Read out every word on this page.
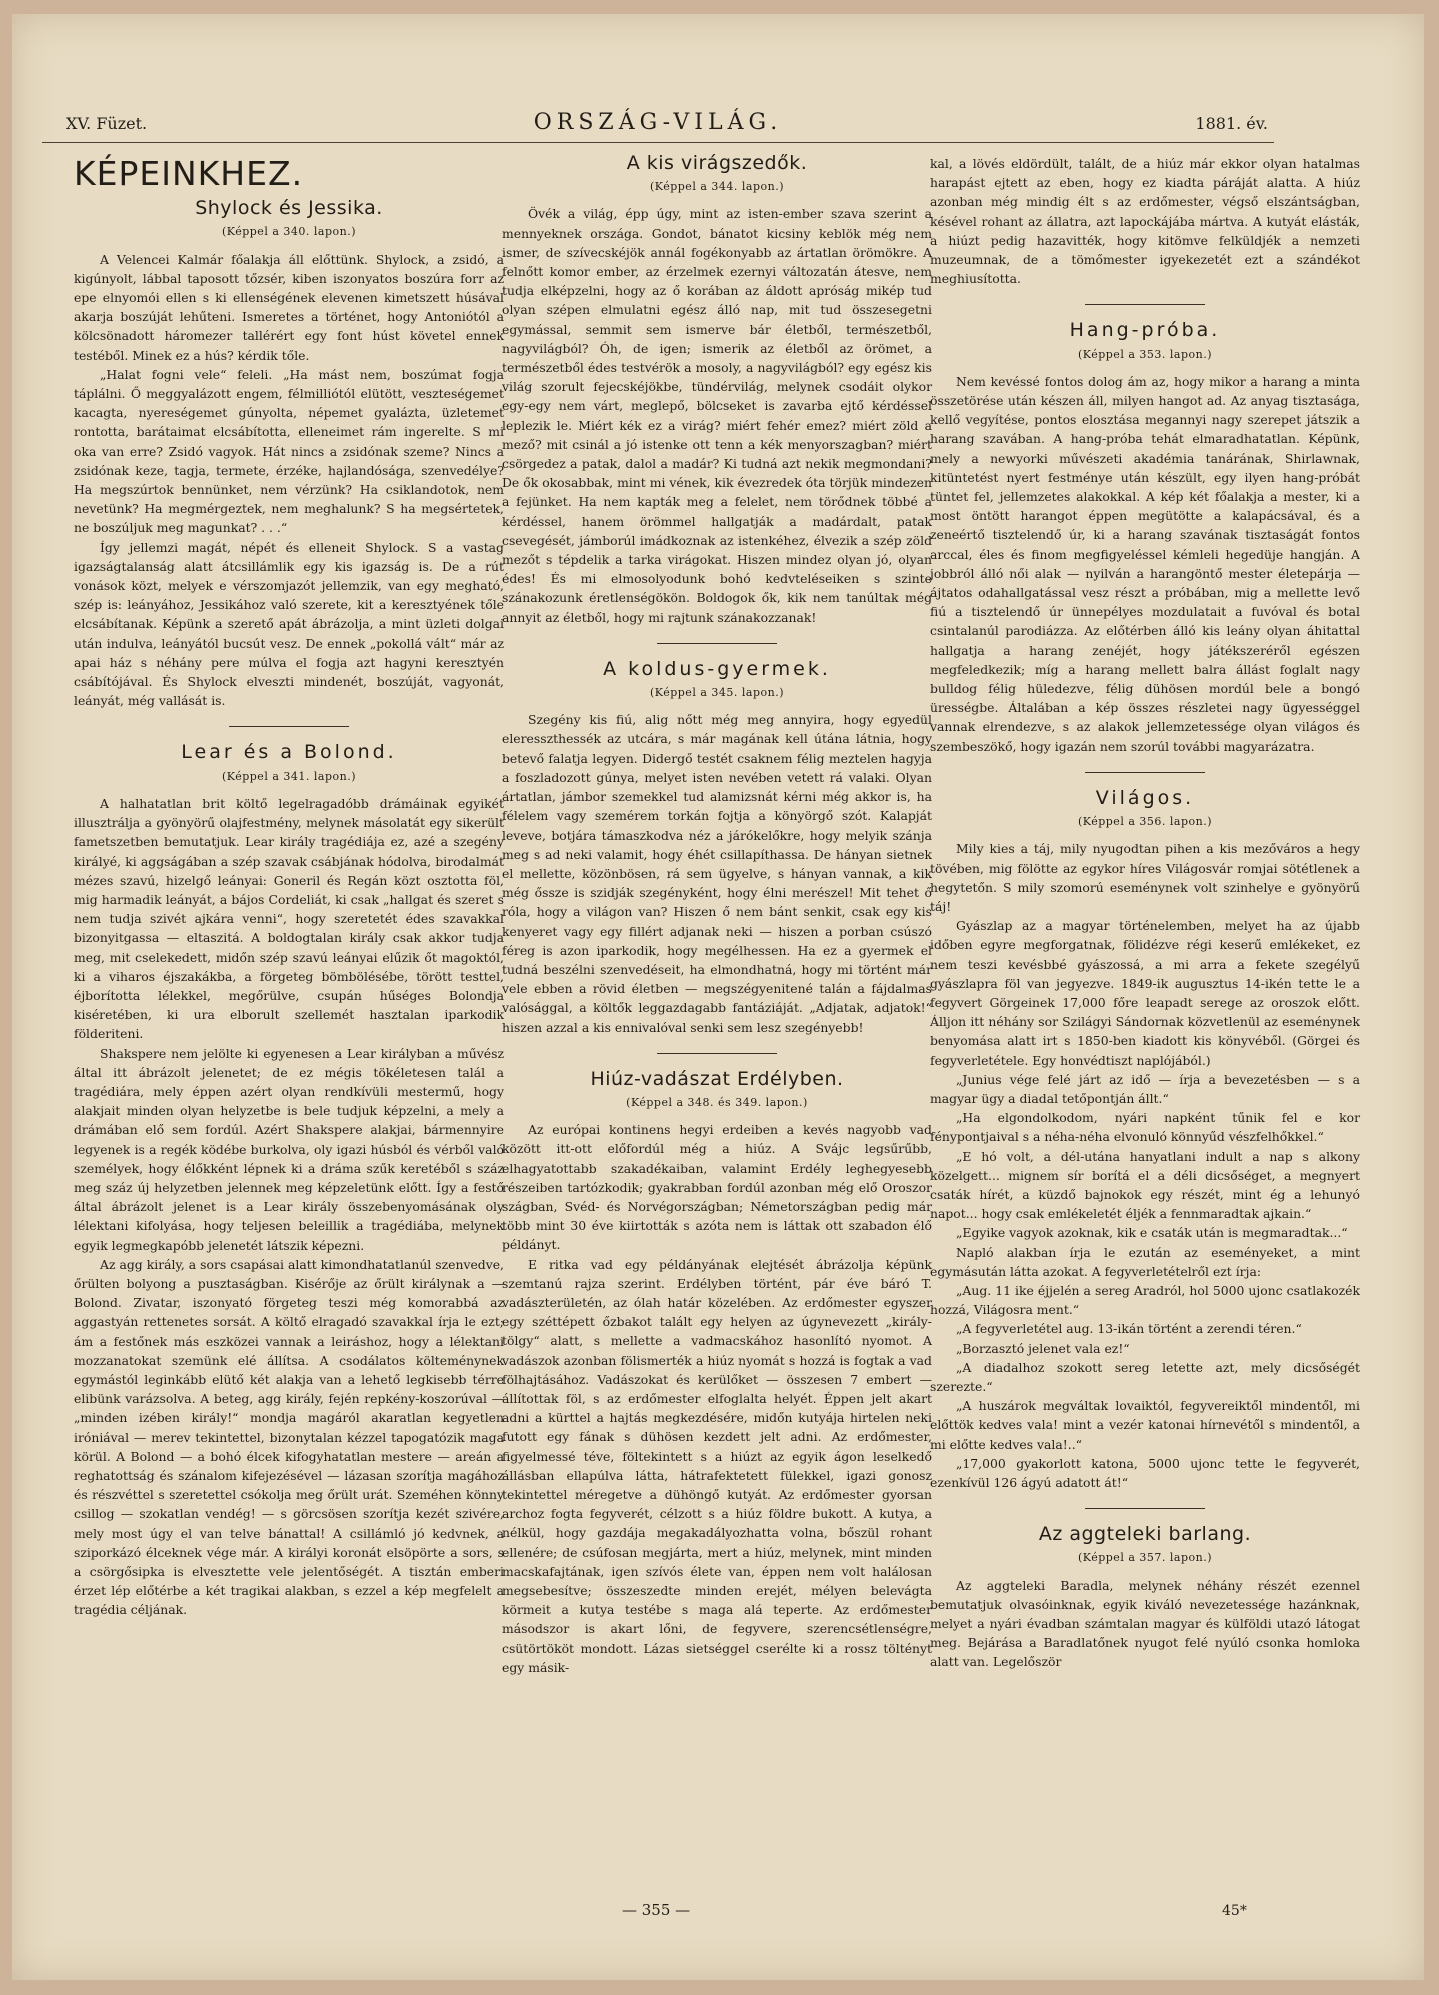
XV. Füzet.	ORSZÁG-VILÁG.	1881. év.
KÉPEINKHEZ.
Shylock és Jessika.
(Képpel a 340. lapon.)

A Velencei Kalmár főalakja áll előttünk. Shylock, a zsidó, a kigúnyolt, lábbal taposott tőzsér, kiben iszonyatos boszúra forr az epe elnyomói ellen s ki ellenségének elevenen kimetszett húsával akarja boszúját lehűteni. Ismeretes a történet, hogy Antoniótól a kölcsönadott háromezer tallérért egy font húst követel ennek testéből. Minek ez a hús? kérdik tőle.

„Halat fogni vele“ feleli. „Ha mást nem, boszúmat fogja táplálni. Ő meggyalázott engem, félmilliótól elütött, veszteségemet kacagta, nyereségemet gúnyolta, népemet gyalázta, üzletemet rontotta, barátaimat elcsábította, elleneimet rám ingerelte. S mi oka van erre? Zsidó vagyok. Hát nincs a zsidónak szeme? Nincs a zsidónak keze, tagja, termete, érzéke, hajlandósága, szenvedélye? Ha megszúrtok bennünket, nem vérzünk? Ha csiklandotok, nem nevetünk? Ha megmérgeztek, nem meghalunk? S ha megsértetek, ne boszúljuk meg magunkat? . . .“

Így jellemzi magát, népét és elleneit Shylock. S a vastag igazságtalanság alatt átcsillámlik egy kis igazság is. De a rút vonások közt, melyek e vérszomjazót jellemzik, van egy megható, szép is: leányához, Jessikához való szerete, kit a keresztyének tőle elcsábítanak. Képünk a szerető apát ábrázolja, a mint üzleti dolgai után indulva, leányától bucsút vesz. De ennek „pokollá vált“ már az apai ház s néhány pere múlva el fogja azt hagyni keresztyén csábítójával. És Shylock elveszti mindenét, boszúját, vagyonát, leányát, még vallását is.

Lear és a Bolond.
(Képpel a 341. lapon.)

A halhatatlan brit költő legelragadóbb drámáinak egyikét illusztrálja a gyönyörű olajfestmény, melynek másolatát egy sikerült fametszetben bemutatjuk. Lear király tragédiája ez, azé a szegény királyé, ki aggságában a szép szavak csábjának hódolva, birodalmát mézes szavú, hizelgő leányai: Goneril és Regán közt osztotta föl, mig harmadik leányát, a bájos Cordeliát, ki csak „hallgat és szeret s nem tudja szivét ajkára venni“, hogy szeretetét édes szavakkal bizonyitgassa — eltaszitá. A boldogtalan király csak akkor tudja meg, mit cselekedett, midőn szép szavú leányai elűzik őt magoktól, ki a viharos éjszakákba, a förgeteg bömbölésébe, törött testtel, éjborította lélekkel, megőrülve, csupán hűséges Bolondja kiséretében, ki ura elborult szellemét hasztalan iparkodik földeriteni.

Shakspere nem jelölte ki egyenesen a Lear királyban a művész által itt ábrázolt jelenetet; de ez mégis tökéletesen talál a tragédiára, mely éppen azért olyan rendkívüli mestermű, hogy alakjait minden olyan helyzetbe is bele tudjuk képzelni, a mely a drámában elő sem fordúl. Azért Shakspere alakjai, bármennyire legyenek is a regék ködébe burkolva, oly igazi húsból és vérből való személyek, hogy élőkként lépnek ki a dráma szűk keretéből s száz meg száz új helyzetben jelennek meg képzeletünk előtt. Így a festő által ábrázolt jelenet is a Lear király összebenyomásának oly lélektani kifolyása, hogy teljesen beleillik a tragédiába, melynek egyik legmegkapóbb jelenetét látszik képezni.

Az agg király, a sors csapásai alatt kimondhatatlanúl szenvedve, őrülten bolyong a pusztaságban. Kisérője az őrült királynak a — Bolond. Zivatar, iszonyató förgeteg teszi még komorabbá az aggastyán rettenetes sorsát. A költő elragadó szavakkal írja le ezt; ám a festőnek más eszközei vannak a leiráshoz, hogy a lélektani mozzanatokat szemünk elé állítsa. A csodálatos költeménynek egymástól leginkább elütő két alakja van a lehető legkisebb térre elibünk varázsolva. A beteg, agg király, fején repkény-koszorúval — „minden izében király!“ mondja magáról akaratlan kegyetlen iróniával — merev tekintettel, bizonytalan kézzel tapogatózik maga körül. A Bolond — a bohó élcek kifogyhatatlan mestere — areán a reghatottság és szánalom kifejezésével — lázasan szorítja magához és részvéttel s szeretettel csókolja meg őrült urát. Szeméhen könny csillog — szokatlan vendég! — s görcsösen szorítja kezét szivére, mely most úgy el van telve bánattal! A csillámló jó kedvnek, a sziporkázó élceknek vége már. A királyi koronát elsöpörte a sors, s a csörgősipka is elvesztette vele jelentőségét. A tisztán emberi érzet lép előtérbe a két tragikai alakban, s ezzel a kép megfelelt a tragédia céljának.

A kis virágszedők.
(Képpel a 344. lapon.)

Övék a világ, épp úgy, mint az isten-ember szava szerint a mennyeknek országa. Gondot, bánatot kicsiny keblök még nem ismer, de szívecskéjök annál fogékonyabb az ártatlan örömökre. A felnőtt komor ember, az érzelmek ezernyi változatán átesve, nem tudja elképzelni, hogy az ő korában az áldott apróság mikép tud olyan szépen elmulatni egész álló nap, mit tud összesegetni egymással, semmit sem ismerve bár életből, természetből, nagyvilágból? Óh, de igen; ismerik az életből az örömet, a természetből édes testvérök a mosoly, a nagyvilágból? egy egész kis világ szorult fejecskéjökbe, tündérvilág, melynek csodáit olykor egy-egy nem várt, meglepő, bölcseket is zavarba ejtő kérdéssel leplezik le. Miért kék ez a virág? miért fehér emez? miért zöld a mező? mit csinál a jó istenke ott tenn a kék menyorszagban? miért csörgedez a patak, dalol a madár? Ki tudná azt nekik megmondani? De ők okosabbak, mint mi vének, kik évezredek óta törjük mindezen a fejünket. Ha nem kapták meg a felelet, nem törődnek többé a kérdéssel, hanem örömmel hallgatják a madárdalt, patak csevegését, jámborúl imádkoznak az istenkéhez, élvezik a szép zöld mezőt s tépdelik a tarka virágokat. Hiszen mindez olyan jó, olyan édes! És mi elmosolyodunk bohó kedvteléseiken s szinte szánakozunk éretlenségökön. Boldogok ők, kik nem tanúltak még annyit az életből, hogy mi rajtunk szánakozzanak!

A koldus-gyermek.
(Képpel a 345. lapon.)

Szegény kis fiú, alig nőtt még meg annyira, hogy egyedül eleresszthessék az utcára, s már magának kell útána látnia, hogy betevő falatja legyen. Didergő testét csaknem félig meztelen hagyja a foszladozott gúnya, melyet isten nevében vetett rá valaki. Olyan ártatlan, jámbor szemekkel tud alamizsnát kérni még akkor is, ha félelem vagy szemérem torkán fojtja a könyörgő szót. Kalapját leveve, botjára támaszkodva néz a járókelőkre, hogy melyik szánja meg s ad neki valamit, hogy éhét csillapíthassa. De hányan sietnek el mellette, közönbösen, rá sem ügyelve, s hányan vannak, a kik még őssze is szidják szegényként, hogy élni merészel! Mit tehet ő róla, hogy a világon van? Hiszen ő nem bánt senkit, csak egy kis kenyeret vagy egy fillért adjanak neki — hiszen a porban csúszó féreg is azon iparkodik, hogy megélhessen. Ha ez a gyermek el tudná beszélni szenvedéseit, ha elmondhatná, hogy mi történt már vele ebben a rövid életben — megszégyenitené talán a fájdalmas valósággal, a költők leggazdagabb fantáziáját. „Adjatak, adjatok!“ hiszen azzal a kis ennivalóval senki sem lesz szegényebb!

Hiúz-vadászat Erdélyben.
(Képpel a 348. és 349. lapon.)

Az európai kontinens hegyi erdeiben a kevés nagyobb vad között itt-ott előfordúl még a hiúz. A Svájc legsűrűbb, elhagyatottabb szakadékaiban, valamint Erdély leghegyesebb részeiben tartózkodik; gyakrabban fordúl azonban még elő Oroszor szágban, Svéd- és Norvégországban; Németországban pedig már több mint 30 éve kiirtották s azóta nem is láttak ott szabadon élő példányt.

E ritka vad egy példányának elejtését ábrázolja képünk szemtanú rajza szerint. Erdélyben történt, pár éve báró T. vadászterületén, az ólah határ közelében. Az erdőmester egyszer egy széttépett őzbakot talált egy helyen az úgynevezett „király-tölgy“ alatt, s mellette a vadmacskához hasonlító nyomot. A vadászok azonban fölismerték a hiúz nyomát s hozzá is fogtak a vad fölhajtásához. Vadászokat és kerülőket — összesen 7 embert — állítottak föl, s az erdőmester elfoglalta helyét. Éppen jelt akart adni a kürttel a hajtás megkezdésére, midőn kutyája hirtelen neki futott egy fának s dühösen kezdett jelt adni. Az erdőmester, figyelmessé téve, föltekintett s a hiúzt az egyik ágon leselkedő állásban ellapúlva látta, hátrafektetett fülekkel, igazi gonosz tekintettel méregetve a dühöngő kutyát. Az erdőmester gyorsan archoz fogta fegyverét, célzott s a hiúz földre bukott. A kutya, a nélkül, hogy gazdája megakadályozhatta volna, bőszül rohant ellenére; de csúfosan megjárta, mert a hiúz, melynek, mint minden macskafajtának, igen szívós élete van, éppen nem volt halálosan megsebesítve; összeszedte minden erejét, mélyen belevágta körmeit a kutya testébe s maga alá teperte. Az erdőmester másodszor is akart lőni, de fegyvere, szerencsétlenségre, csütörtököt mondott. Lázas sietséggel cserélte ki a rossz töltényt egy másik-

kal, a lövés eldördült, talált, de a hiúz már ekkor olyan hatalmas harapást ejtett az eben, hogy ez kiadta páráját alatta. A hiúz azonban még mindig élt s az erdőmester, végső elszántságban, késével rohant az állatra, azt lapockájába mártva. A kutyát elásták, a hiúzt pedig hazavitték, hogy kitömve felküldjék a nemzeti muzeumnak, de a tömőmester igyekezetét ezt a szándékot meghiusította.

Hang-próba.
(Képpel a 353. lapon.)

Nem kevéssé fontos dolog ám az, hogy mikor a harang a minta összetörése után készen áll, milyen hangot ad. Az anyag tisztasága, kellő vegyítése, pontos elosztása megannyi nagy szerepet játszik a harang szavában. A hang-próba tehát elmaradhatatlan. Képünk, mely a newyorki művészeti akadémia tanárának, Shirlawnak, kitüntetést nyert festménye után készült, egy ilyen hang-próbát tüntet fel, jellemzetes alakokkal. A kép két főalakja a mester, ki a most öntött harangot éppen megütötte a kalapácsával, és a zeneértő tisztelendő úr, ki a harang szavának tisztaságát fontos arccal, éles és finom megfigyeléssel kémleli hegedüje hangján. A jobbról álló női alak — nyilván a harangöntő mester életepárja — ájtatos odahallgatással vesz részt a próbában, mig a mellette levő fiú a tisztelendő úr ünnepélyes mozdulatait a fuvóval és botal csintalanúl parodiázza. Az előtérben álló kis leány olyan áhitattal hallgatja a harang zenéjét, hogy játékszeréről egészen megfeledkezik; míg a harang mellett balra állást foglalt nagy bulldog félig hüledezve, félig dühösen mordúl bele a bongó ürességbe. Általában a kép összes részletei nagy ügyességgel vannak elrendezve, s az alakok jellemzetessége olyan világos és szembeszökő, hogy igazán nem szorúl további magyarázatra.

Világos.
(Képpel a 356. lapon.)

Mily kies a táj, mily nyugodtan pihen a kis mezőváros a hegy tövében, mig fölötte az egykor híres Világosvár romjai sötétlenek a hegytetőn. S mily szomorú eseménynek volt szinhelye e gyönyörű táj!

Gyászlap az a magyar történelemben, melyet ha az újabb időben egyre megforgatnak, fölidézve régi keserű emlékeket, ez nem teszi kevésbbé gyászossá, a mi arra a fekete szegélyű gyászlapra föl van jegyezve. 1849-ik augusztus 14-ikén tette le a fegyvert Görgeinek 17,000 főre leapadt serege az oroszok előtt. Álljon itt néhány sor Szilágyi Sándornak közvetlenül az eseménynek benyomása alatt irt s 1850-ben kiadott kis könyvéből. (Görgei és fegyverletétele. Egy honvédtiszt naplójából.)

„Junius vége felé járt az idő — írja a bevezetésben — s a magyar ügy a diadal tetőpontján állt.“

„Ha elgondolkodom, nyári napként tűnik fel e kor fénypontjaival s a néha-néha elvonuló könnyűd vészfelhőkkel.“

„E hó volt, a dél-utána hanyatlani indult a nap s alkony közelgett... mignem sír borítá el a déli dicsőséget, a megnyert csaták hírét, a küzdő bajnokok egy részét, mint ég a lehunyó napot... hogy csak emlékeletét éljék a fennmaradtak ajkain.“

„Egyike vagyok azoknak, kik e csaták után is megmaradtak...“

Napló alakban írja le ezután az eseményeket, a mint egymásután látta azokat. A fegyverletételről ezt írja:

„Aug. 11 ike éjjelén a sereg Aradról, hol 5000 ujonc csatlakozék hozzá, Világosra ment.“

„A fegyverletétel aug. 13-ikán történt a zerendi téren.“

„Borzasztó jelenet vala ez!“

„A diadalhoz szokott sereg letette azt, mely dicsőségét szerezte.“

„A huszárok megváltak lovaiktól, fegyvereiktől mindentől, mi előttök kedves vala! mint a vezér katonai hírnevétől s mindentől, a mi előtte kedves vala!..“

„17,000 gyakorlott katona, 5000 ujonc tette le fegyverét, ezenkívül 126 ágyú adatott át!“

Az aggteleki barlang.
(Képpel a 357. lapon.)

Az aggteleki Baradla, melynek néhány részét ezennel bemutatjuk olvasóinknak, egyik kiváló nevezetessége hazánknak, melyet a nyári évadban számtalan magyar és külföldi utazó látogat meg. Bejárása a Baradlatőnek nyugot felé nyúló csonka homloka alatt van. Legelőször

— 355 —	45*
